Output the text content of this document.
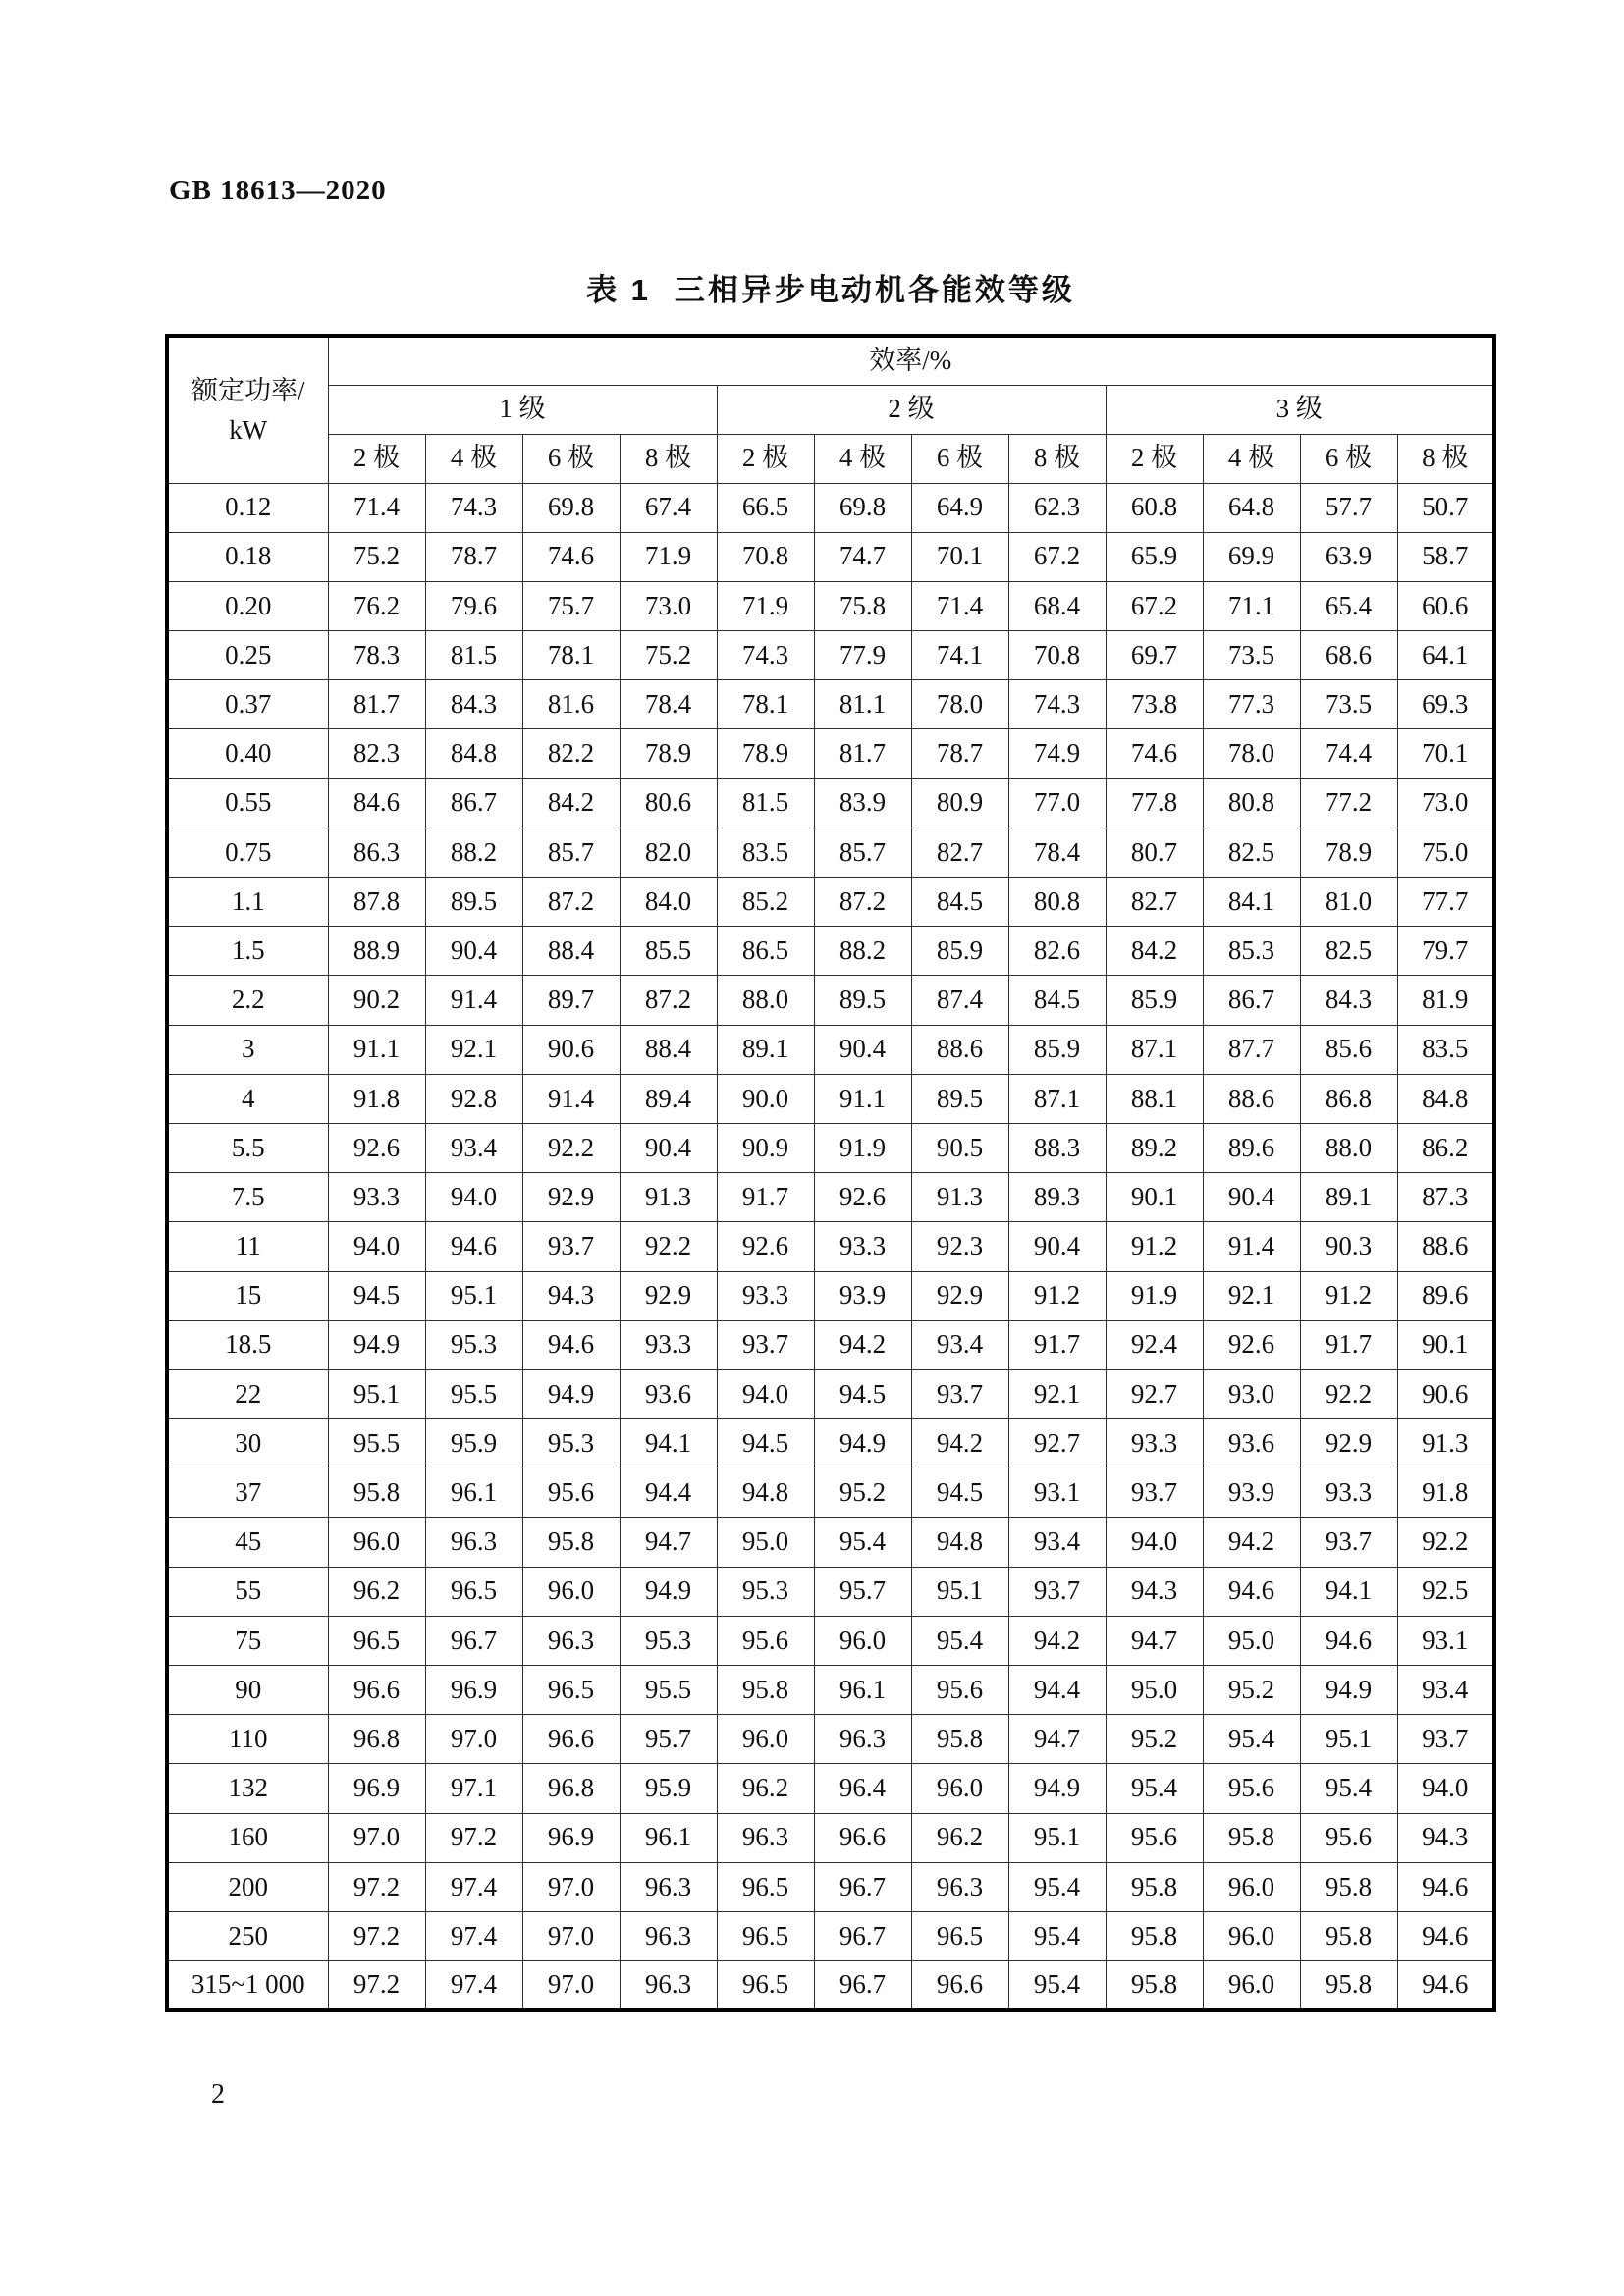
GB 18613—2020
表 1 三相异步电动机各能效等级
额定功率/
kW	效率/%											
	1 级				2 级				3 级			
	2 极	4 极	6 极	8 极	2 极	4 极	6 极	8 极	2 极	4 极	6 极	8 极
0.12	71.4	74.3	69.8	67.4	66.5	69.8	64.9	62.3	60.8	64.8	57.7	50.7
0.18	75.2	78.7	74.6	71.9	70.8	74.7	70.1	67.2	65.9	69.9	63.9	58.7
0.20	76.2	79.6	75.7	73.0	71.9	75.8	71.4	68.4	67.2	71.1	65.4	60.6
0.25	78.3	81.5	78.1	75.2	74.3	77.9	74.1	70.8	69.7	73.5	68.6	64.1
0.37	81.7	84.3	81.6	78.4	78.1	81.1	78.0	74.3	73.8	77.3	73.5	69.3
0.40	82.3	84.8	82.2	78.9	78.9	81.7	78.7	74.9	74.6	78.0	74.4	70.1
0.55	84.6	86.7	84.2	80.6	81.5	83.9	80.9	77.0	77.8	80.8	77.2	73.0
0.75	86.3	88.2	85.7	82.0	83.5	85.7	82.7	78.4	80.7	82.5	78.9	75.0
1.1	87.8	89.5	87.2	84.0	85.2	87.2	84.5	80.8	82.7	84.1	81.0	77.7
1.5	88.9	90.4	88.4	85.5	86.5	88.2	85.9	82.6	84.2	85.3	82.5	79.7
2.2	90.2	91.4	89.7	87.2	88.0	89.5	87.4	84.5	85.9	86.7	84.3	81.9
3	91.1	92.1	90.6	88.4	89.1	90.4	88.6	85.9	87.1	87.7	85.6	83.5
4	91.8	92.8	91.4	89.4	90.0	91.1	89.5	87.1	88.1	88.6	86.8	84.8
5.5	92.6	93.4	92.2	90.4	90.9	91.9	90.5	88.3	89.2	89.6	88.0	86.2
7.5	93.3	94.0	92.9	91.3	91.7	92.6	91.3	89.3	90.1	90.4	89.1	87.3
11	94.0	94.6	93.7	92.2	92.6	93.3	92.3	90.4	91.2	91.4	90.3	88.6
15	94.5	95.1	94.3	92.9	93.3	93.9	92.9	91.2	91.9	92.1	91.2	89.6
18.5	94.9	95.3	94.6	93.3	93.7	94.2	93.4	91.7	92.4	92.6	91.7	90.1
22	95.1	95.5	94.9	93.6	94.0	94.5	93.7	92.1	92.7	93.0	92.2	90.6
30	95.5	95.9	95.3	94.1	94.5	94.9	94.2	92.7	93.3	93.6	92.9	91.3
37	95.8	96.1	95.6	94.4	94.8	95.2	94.5	93.1	93.7	93.9	93.3	91.8
45	96.0	96.3	95.8	94.7	95.0	95.4	94.8	93.4	94.0	94.2	93.7	92.2
55	96.2	96.5	96.0	94.9	95.3	95.7	95.1	93.7	94.3	94.6	94.1	92.5
75	96.5	96.7	96.3	95.3	95.6	96.0	95.4	94.2	94.7	95.0	94.6	93.1
90	96.6	96.9	96.5	95.5	95.8	96.1	95.6	94.4	95.0	95.2	94.9	93.4
110	96.8	97.0	96.6	95.7	96.0	96.3	95.8	94.7	95.2	95.4	95.1	93.7
132	96.9	97.1	96.8	95.9	96.2	96.4	96.0	94.9	95.4	95.6	95.4	94.0
160	97.0	97.2	96.9	96.1	96.3	96.6	96.2	95.1	95.6	95.8	95.6	94.3
200	97.2	97.4	97.0	96.3	96.5	96.7	96.3	95.4	95.8	96.0	95.8	94.6
250	97.2	97.4	97.0	96.3	96.5	96.7	96.5	95.4	95.8	96.0	95.8	94.6
315~1 000	97.2	97.4	97.0	96.3	96.5	96.7	96.6	95.4	95.8	96.0	95.8	94.6
2
